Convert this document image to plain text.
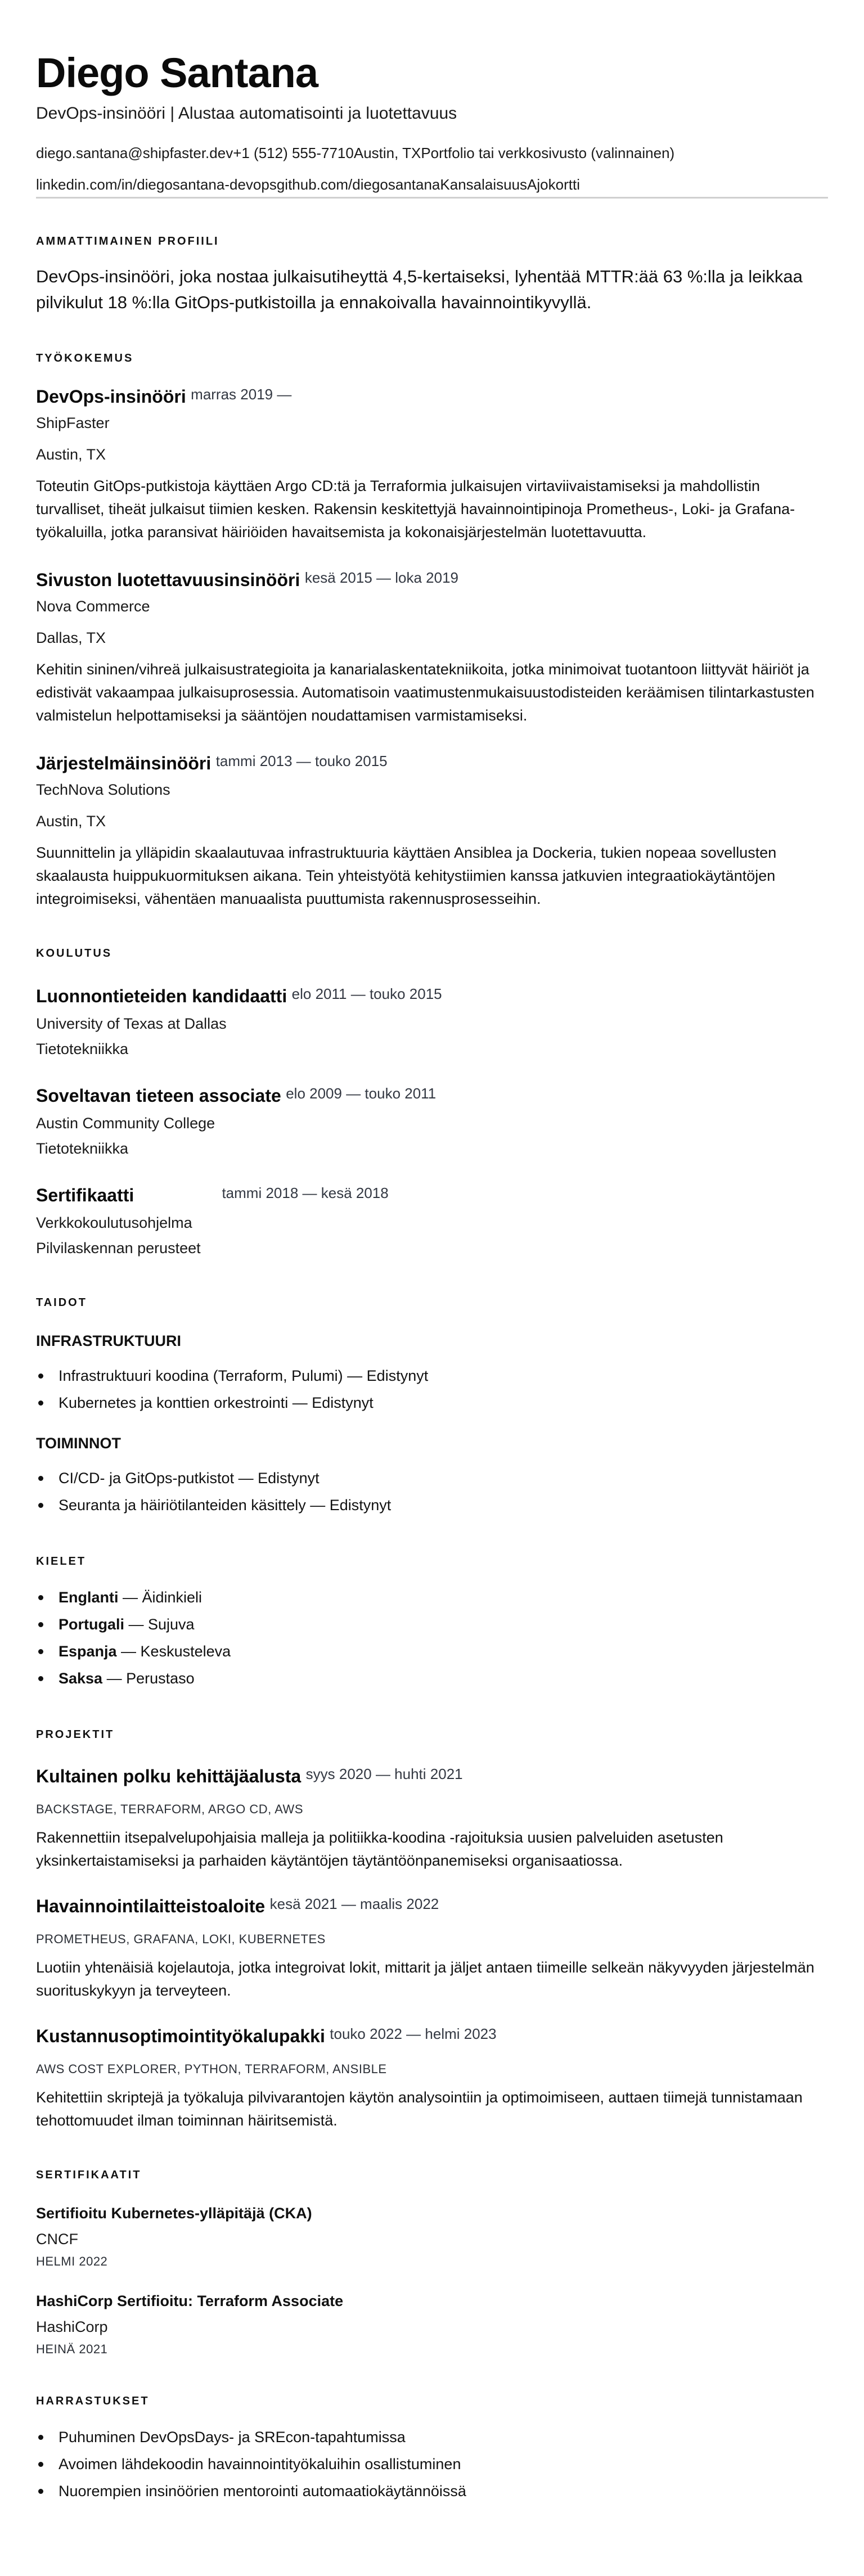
Diego Santana
DevOps-insinööri | Alustaa automatisointi ja luotettavuus
diego.santana@shipfaster.dev+1 (512) 555-7710Austin, TXPortfolio tai verkkosivusto (valinnainen)
linkedin.com/in/diegosantana-devopsgithub.com/diegosantanaKansalaisuusAjokortti
AMMATTIMAINEN PROFIILI

DevOps-insinööri, joka nostaa julkaisutiheyttä 4,5-kertaiseksi, lyhentää MTTR:ää 63 %:lla ja leikkaa pilvikulut 18 %:lla GitOps-putkistoilla ja ennakoivalla havainnointikyvyllä.

TYÖKOKEMUS
DevOps-insinööri marras 2019 —
ShipFaster
Austin, TX

Toteutin GitOps-putkistoja käyttäen Argo CD:tä ja Terraformia julkaisujen virtaviivaistamiseksi ja mahdollistin turvalliset, tiheät julkaisut tiimien kesken. Rakensin keskitettyjä havainnointipinoja Prometheus-, Loki- ja Grafana-työkaluilla, jotka paransivat häiriöiden havaitsemista ja kokonaisjärjestelmän luotettavuutta.

Sivuston luotettavuusinsinööri kesä 2015 — loka 2019
Nova Commerce
Dallas, TX

Kehitin sininen/vihreä julkaisustrategioita ja kanarialaskentatekniikoita, jotka minimoivat tuotantoon liittyvät häiriöt ja edistivät vakaampaa julkaisuprosessia. Automatisoin vaatimustenmukaisuustodisteiden keräämisen tilintarkastusten valmistelun helpottamiseksi ja sääntöjen noudattamisen varmistamiseksi.

Järjestelmäinsinööri tammi 2013 — touko 2015
TechNova Solutions
Austin, TX

Suunnittelin ja ylläpidin skaalautuvaa infrastruktuuria käyttäen Ansiblea ja Dockeria, tukien nopeaa sovellusten skaalausta huippukuormituksen aikana. Tein yhteistyötä kehitystiimien kanssa jatkuvien integraatiokäytäntöjen integroimiseksi, vähentäen manuaalista puuttumista rakennusprosesseihin.

KOULUTUS
Luonnontieteiden kandidaatti elo 2011 — touko 2015
University of Texas at Dallas
Tietotekniikka
Soveltavan tieteen associate elo 2009 — touko 2011
Austin Community College
Tietotekniikka
Sertifikaatti	tammi 2018 — kesä 2018
Verkkokoulutusohjelma
Pilvilaskennan perusteet
TAIDOT
INFRASTRUKTUURI
Infrastruktuuri koodina (Terraform, Pulumi) — Edistynyt
Kubernetes ja konttien orkestrointi — Edistynyt
TOIMINNOT
CI/CD- ja GitOps-putkistot — Edistynyt
Seuranta ja häiriötilanteiden käsittely — Edistynyt
KIELET
Englanti — Äidinkieli
Portugali — Sujuva
Espanja — Keskusteleva
Saksa — Perustaso
PROJEKTIT
Kultainen polku kehittäjäalusta syys 2020 — huhti 2021
BACKSTAGE, TERRAFORM, ARGO CD, AWS

Rakennettiin itsepalvelupohjaisia malleja ja politiikka-koodina -rajoituksia uusien palveluiden asetusten yksinkertaistamiseksi ja parhaiden käytäntöjen täytäntöönpanemiseksi organisaatiossa.

Havainnointilaitteistoaloite kesä 2021 — maalis 2022
PROMETHEUS, GRAFANA, LOKI, KUBERNETES

Luotiin yhtenäisiä kojelautoja, jotka integroivat lokit, mittarit ja jäljet antaen tiimeille selkeän näkyvyyden järjestelmän suorituskykyyn ja terveyteen.

Kustannusoptimointityökalupakki touko 2022 — helmi 2023
AWS COST EXPLORER, PYTHON, TERRAFORM, ANSIBLE

Kehitettiin skriptejä ja työkaluja pilvivarantojen käytön analysointiin ja optimoimiseen, auttaen tiimejä tunnistamaan tehottomuudet ilman toiminnan häiritsemistä.

SERTIFIKAATIT
Sertifioitu Kubernetes-ylläpitäjä (CKA)
CNCF
HELMI 2022
HashiCorp Sertifioitu: Terraform Associate
HashiCorp
HEINÄ 2021
HARRASTUKSET
Puhuminen DevOpsDays- ja SREcon-tapahtumissa
Avoimen lähdekoodin havainnointityökaluihin osallistuminen
Nuorempien insinöörien mentorointi automaatiokäytännöissä
